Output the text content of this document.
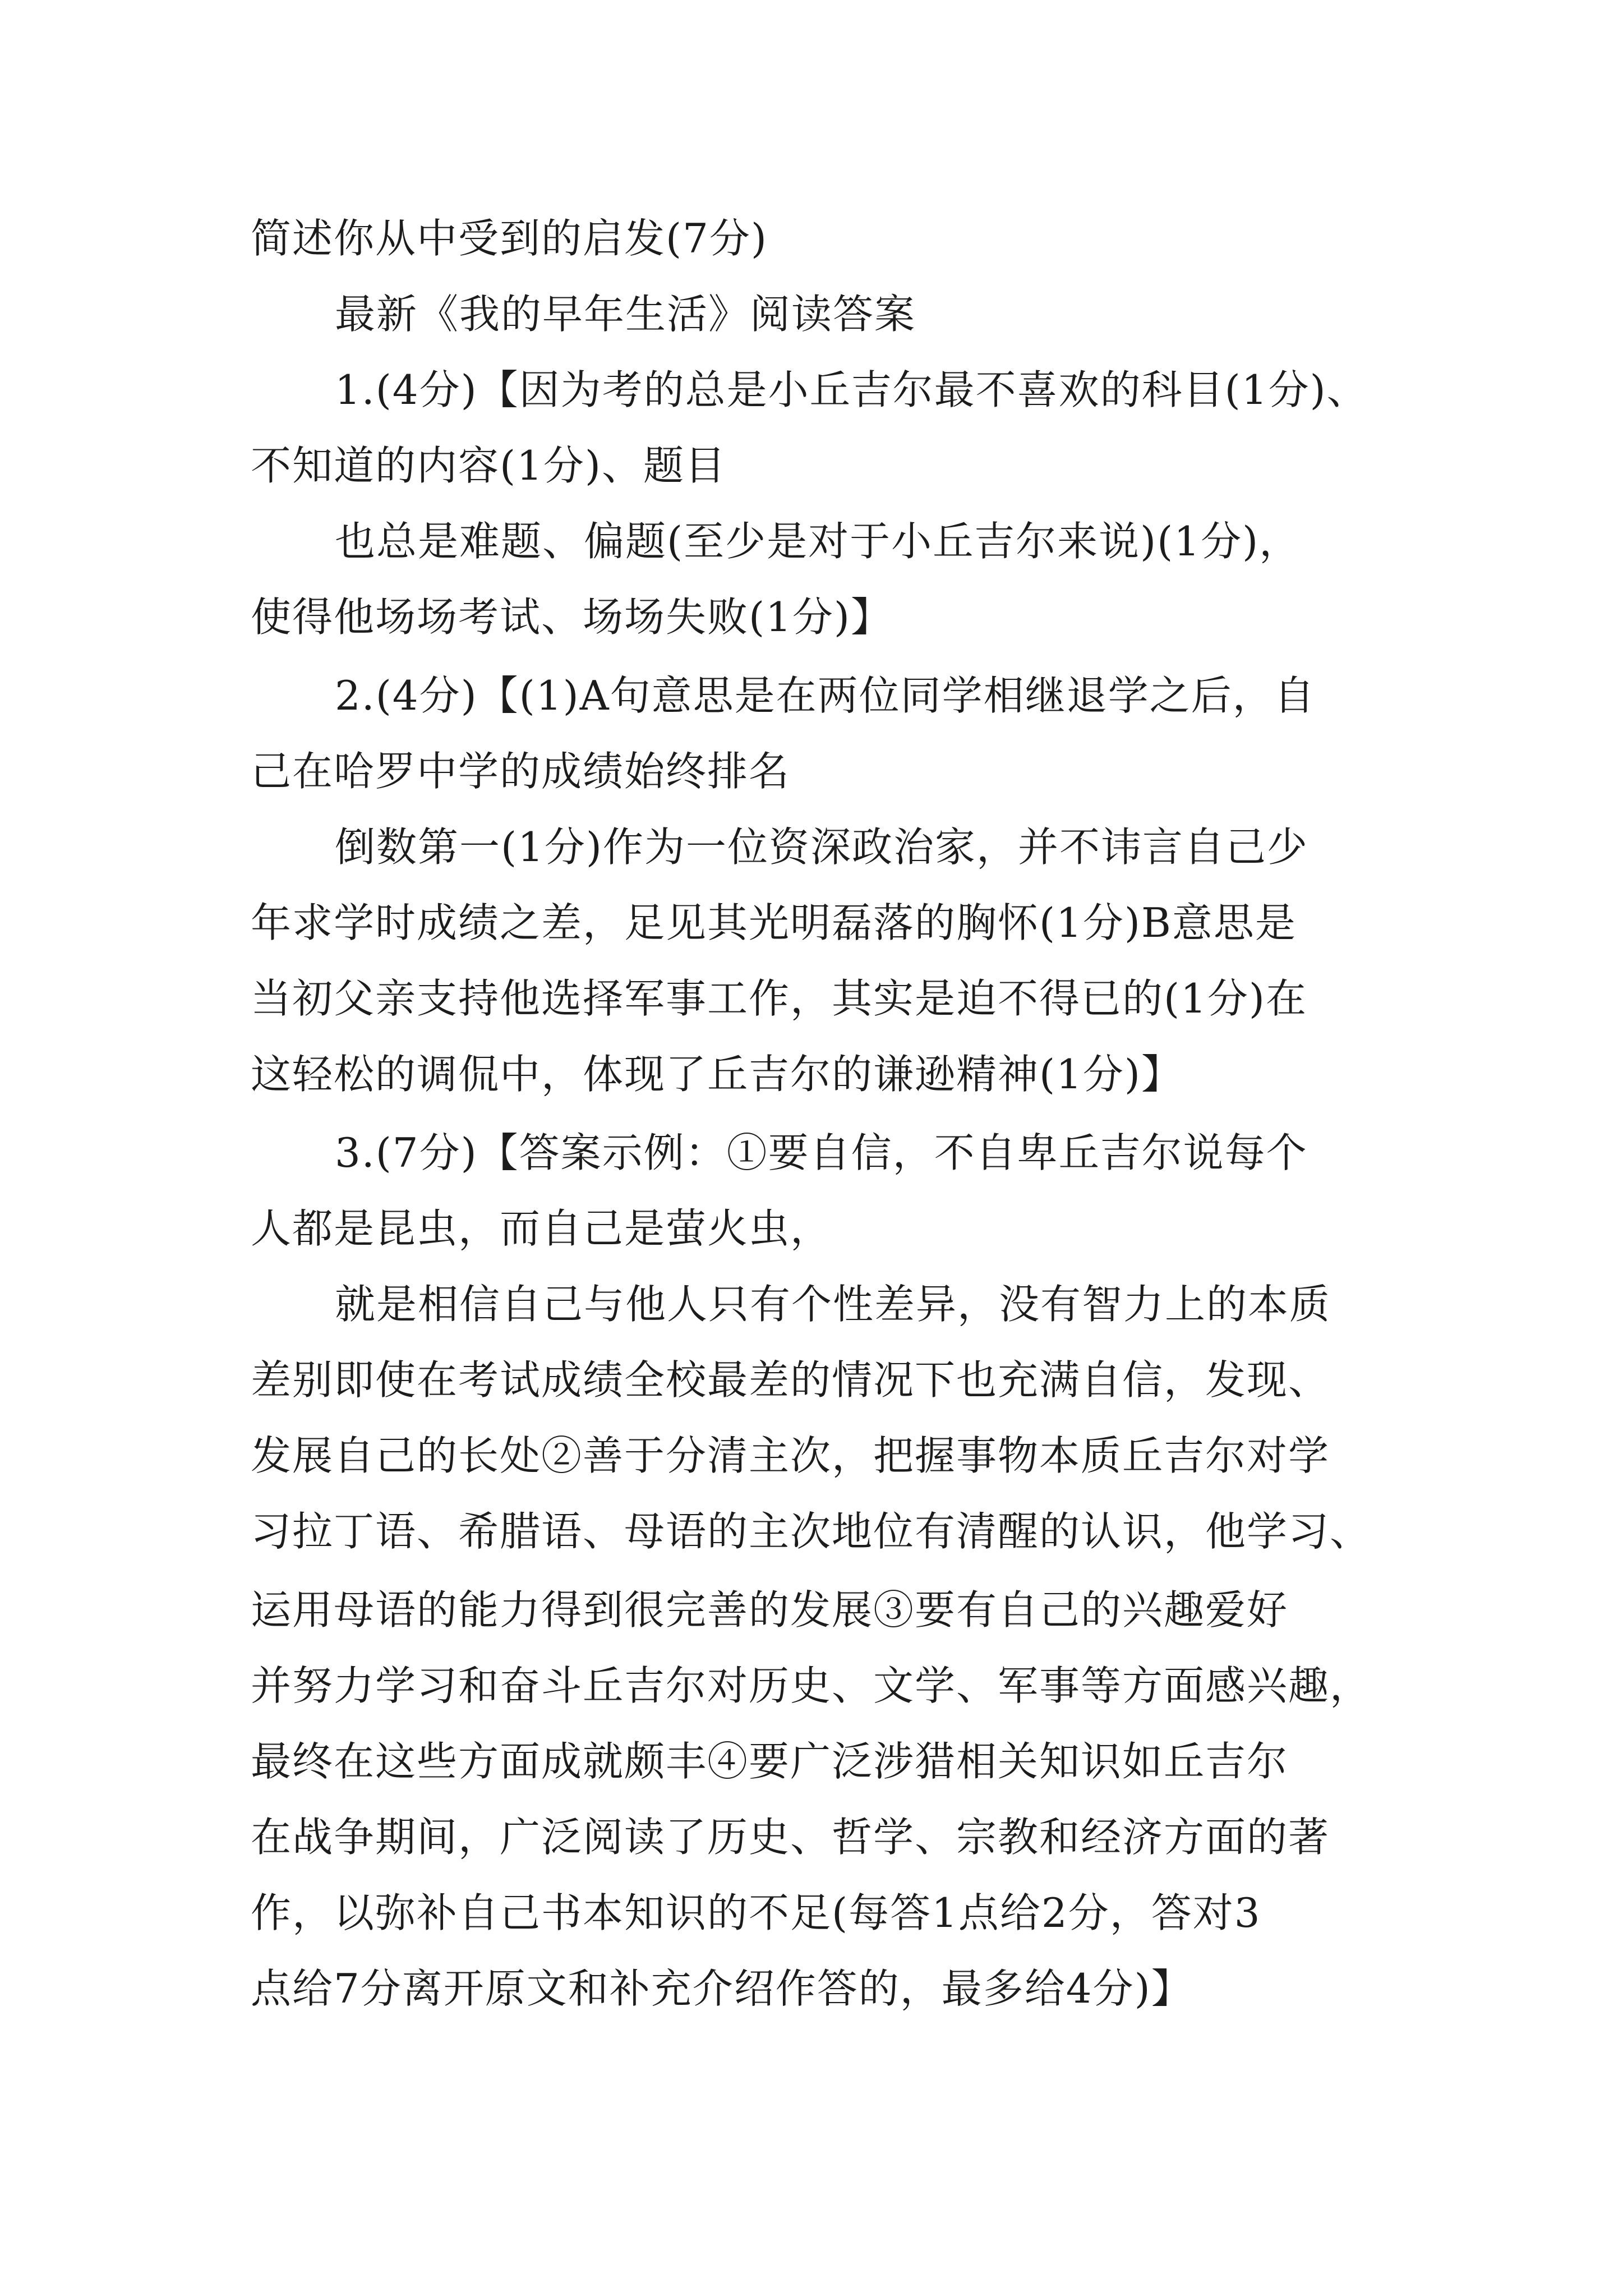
简述你从中受到的启发(7分)
最新《我的早年生活》阅读答案
1.(4分)【因为考的总是小丘吉尔最不喜欢的科目(1分)、
不知道的内容(1分)、题目
也总是难题、偏题(至少是对于小丘吉尔来说)(1分)，
使得他场场考试、场场失败(1分)】
2.(4分)【(1)A句意思是在两位同学相继退学之后，自
己在哈罗中学的成绩始终排名
倒数第一(1分)作为一位资深政治家，并不讳言自己少
年求学时成绩之差，足见其光明磊落的胸怀(1分)B意思是
当初父亲支持他选择军事工作，其实是迫不得已的(1分)在
这轻松的调侃中，体现了丘吉尔的谦逊精神(1分)】
3.(7分)【答案示例：①要自信，不自卑丘吉尔说每个
人都是昆虫，而自己是萤火虫，
就是相信自己与他人只有个性差异，没有智力上的本质
差别即使在考试成绩全校最差的情况下也充满自信，发现、
发展自己的长处②善于分清主次，把握事物本质丘吉尔对学
习拉丁语、希腊语、母语的主次地位有清醒的认识，他学习、
运用母语的能力得到很完善的发展③要有自己的兴趣爱好
并努力学习和奋斗丘吉尔对历史、文学、军事等方面感兴趣，
最终在这些方面成就颇丰④要广泛涉猎相关知识如丘吉尔
在战争期间，广泛阅读了历史、哲学、宗教和经济方面的著
作，以弥补自己书本知识的不足(每答1点给2分，答对3
点给7分离开原文和补充介绍作答的，最多给4分)】
